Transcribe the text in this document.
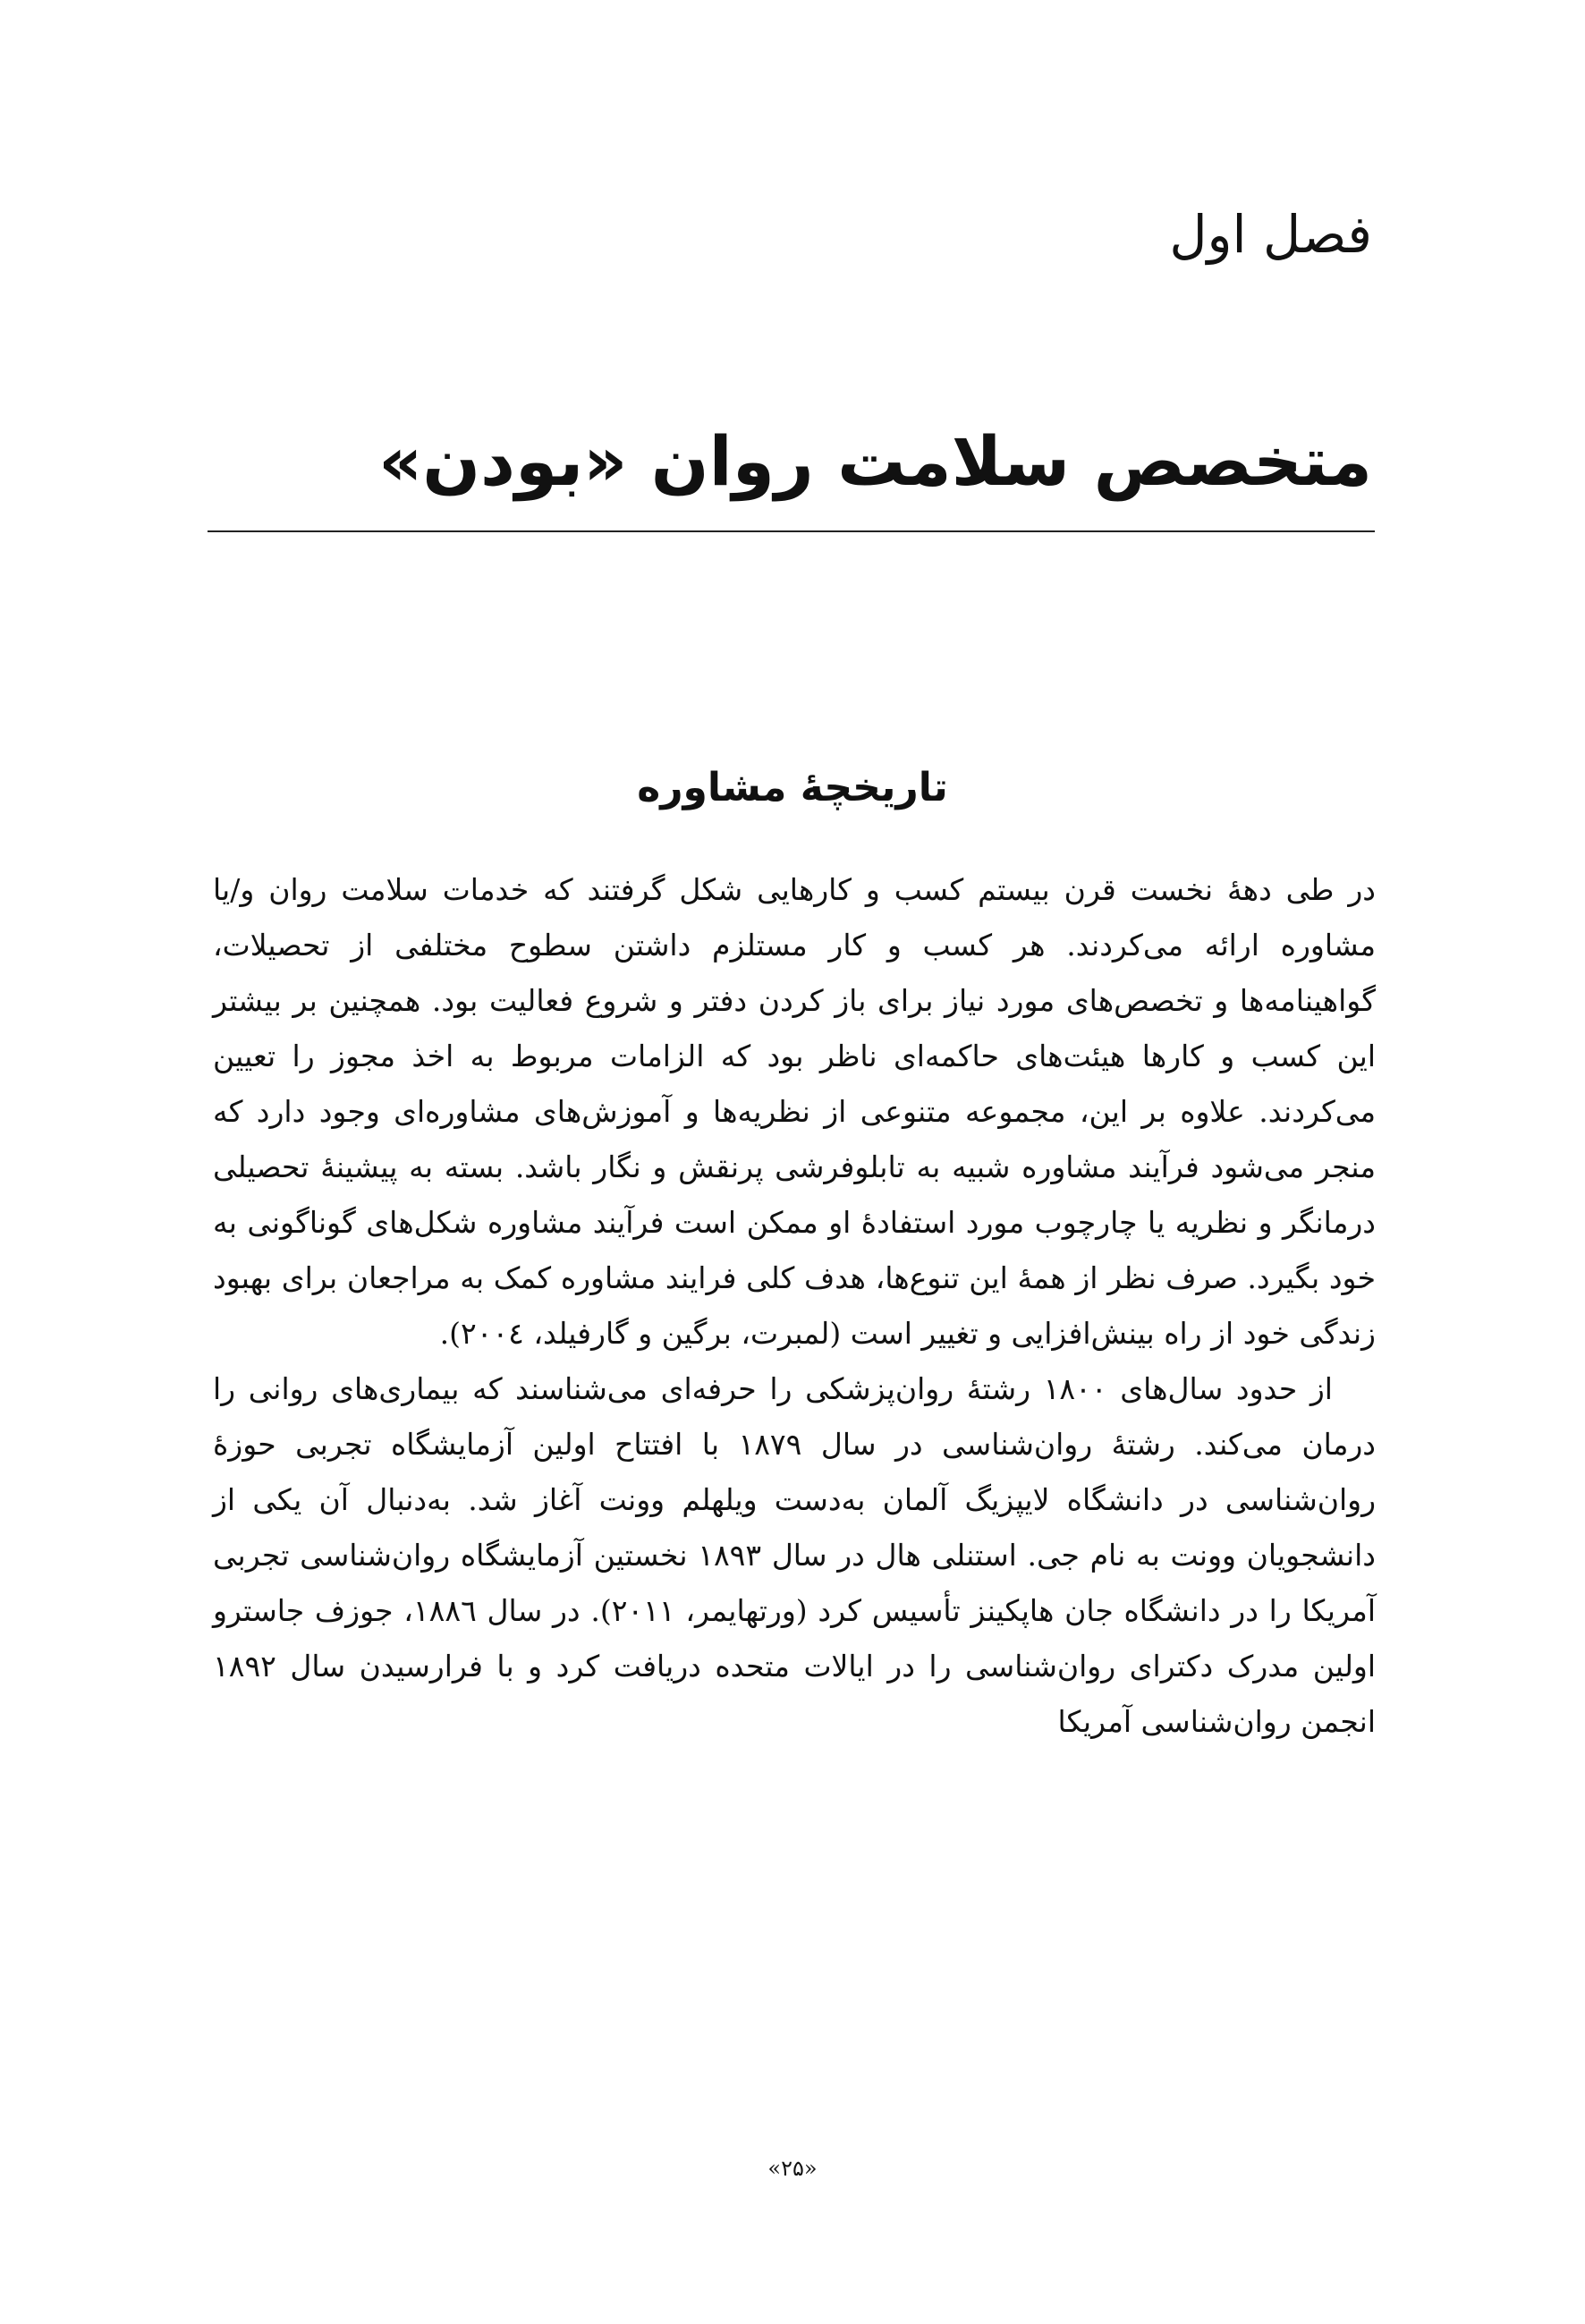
فصل اول
متخصص سلامت روان «بودن»
تاریخچۀ مشاوره

در طی دهۀ نخست قرن بیستم کسب و کارهایی شکل گرفتند که خدمات سلامت روان و/یا مشاوره ارائه می‌کردند. هر کسب و کار مستلزم داشتن سطوح مختلفی از تحصیلات، گواهینامه‌ها و تخصص‌های مورد نیاز برای باز کردن دفتر و شروع فعالیت بود. همچنین بر بیشتر این کسب و کارها هیئت‌های حاکمه‌ای ناظر بود که الزامات مربوط به اخذ مجوز را تعیین می‌کردند. علاوه بر این، مجموعه متنوعی از نظریه‌ها و آموزش‌های مشاوره‌ای وجود دارد که منجر می‌شود فرآیند مشاوره شبیه به تابلوفرشی پرنقش و نگار باشد. بسته به پیشینۀ تحصیلی درمانگر و نظریه یا چارچوب مورد استفادۀ او ممکن است فرآیند مشاوره شکل‌های گوناگونی به خود بگیرد. صرف نظر از همۀ این تنوع‌ها، هدف کلی فرایند مشاوره کمک به مراجعان برای بهبود زندگی خود از راه بینش‌افزایی و تغییر است (لمبرت، برگین و گارفیلد، ۲۰۰٤).

از حدود سال‌های ۱۸۰۰ رشتۀ روان‌پزشکی را حرفه‌ای می‌شناسند که بیماری‌های روانی را درمان می‌کند. رشتۀ روان‌شناسی در سال ۱۸۷۹ با افتتاح اولین آزمایشگاه تجربی حوزۀ روان‌شناسی در دانشگاه لایپزیگ آلمان به‌دست ویلهلم وونت آغاز شد. به‌دنبال آن یکی از دانشجویان وونت به نام جی. استنلی هال در سال ۱۸۹۳ نخستین آزمایشگاه روان‌شناسی تجربی آمریکا را در دانشگاه جان هاپکینز تأسیس کرد (ورتهایمر، ۲۰۱۱). در سال ۱۸۸٦، جوزف جاسترو اولین مدرک دکترای روان‌شناسی را در ایالات متحده دریافت کرد و با فرارسیدن سال ۱۸۹۲ انجمن روان‌شناسی آمریکا

«۲۵»
